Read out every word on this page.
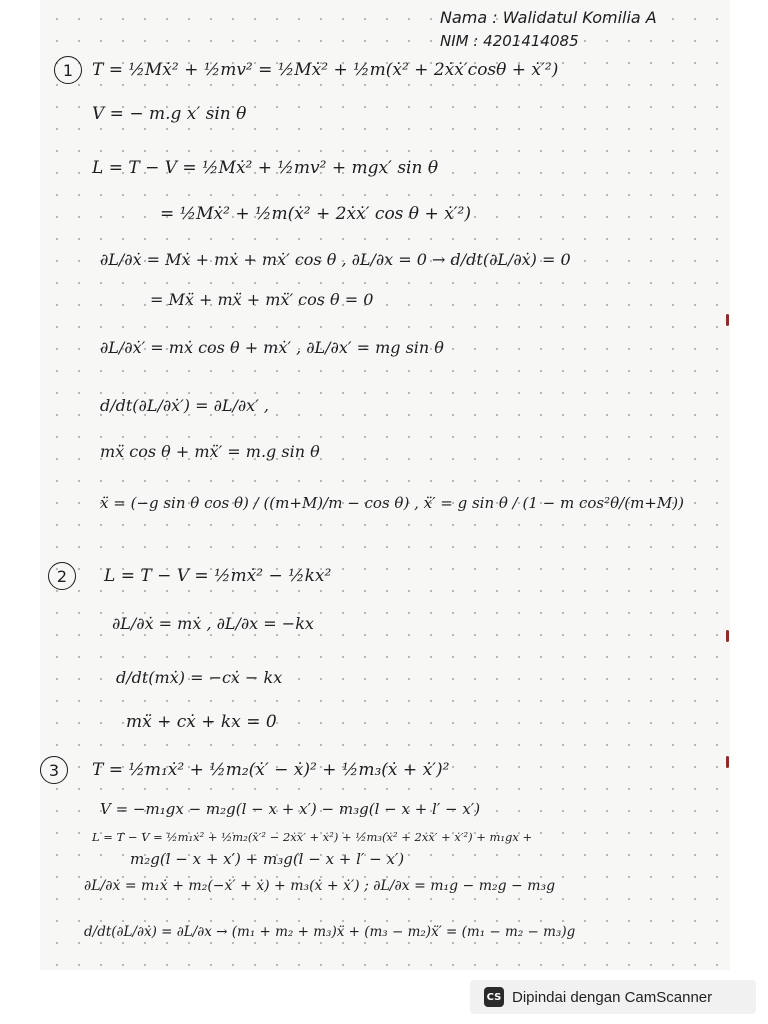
Nama : Walidatul Komilia A
NIM : 4201414085
1	T = ½Mẋ² + ½mv² = ½Mẋ² + ½m(ẋ² + 2ẋẋ′cosθ + ẋ′²)
V = − m.g x′ sin θ
L = T − V = ½Mẋ² + ½mv² + mgx′ sin θ
= ½Mẋ² + ½m(ẋ² + 2ẋẋ′ cos θ + ẋ′²)
∂L/∂ẋ = Mẋ + mẋ + mẋ′ cos θ , ∂L/∂x = 0 → d/dt(∂L/∂ẋ) = 0
= Mẍ + mẍ + mẍ′ cos θ = 0
∂L/∂ẋ′ = mẋ cos θ + mẋ′ , ∂L/∂x′ = mg sin θ
d/dt(∂L/∂ẋ′) = ∂L/∂x′ ,
mẍ cos θ + mẍ′ = m.g sin θ
ẍ = (−g sin θ cos θ) / ((m+M)/m − cos θ) , ẍ′ = g sin θ / (1 − m cos²θ/(m+M))
2	L = T − V = ½mẋ² − ½kx²
∂L/∂ẋ = mẋ , ∂L/∂x = −kx
d/dt(mẋ) = −cẋ − kx
mẍ + cẋ + kx = 0
3	T = ½m₁ẋ² + ½m₂(ẋ′ − ẋ)² + ½m₃(ẋ + ẋ′)²
V = −m₁gx − m₂g(l − x + x′) − m₃g(l − x + l′ − x′)
L = T − V = ½m₁ẋ² + ½m₂(ẋ′² − 2ẋẋ′ + ẋ²) + ½m₃(ẋ² + 2ẋẋ′ + ẋ′²) + m₁gx +
m₂g(l − x + x′) + m₃g(l − x + l′ − x′)
∂L/∂ẋ = m₁ẋ + m₂(−ẋ′ + ẋ) + m₃(ẋ + ẋ′) ; ∂L/∂x = m₁g − m₂g − m₃g
d/dt(∂L/∂ẋ) = ∂L/∂x → (m₁ + m₂ + m₃)ẍ + (m₃ − m₂)ẍ′ = (m₁ − m₂ − m₃)g
CS Dipindai dengan CamScanner
